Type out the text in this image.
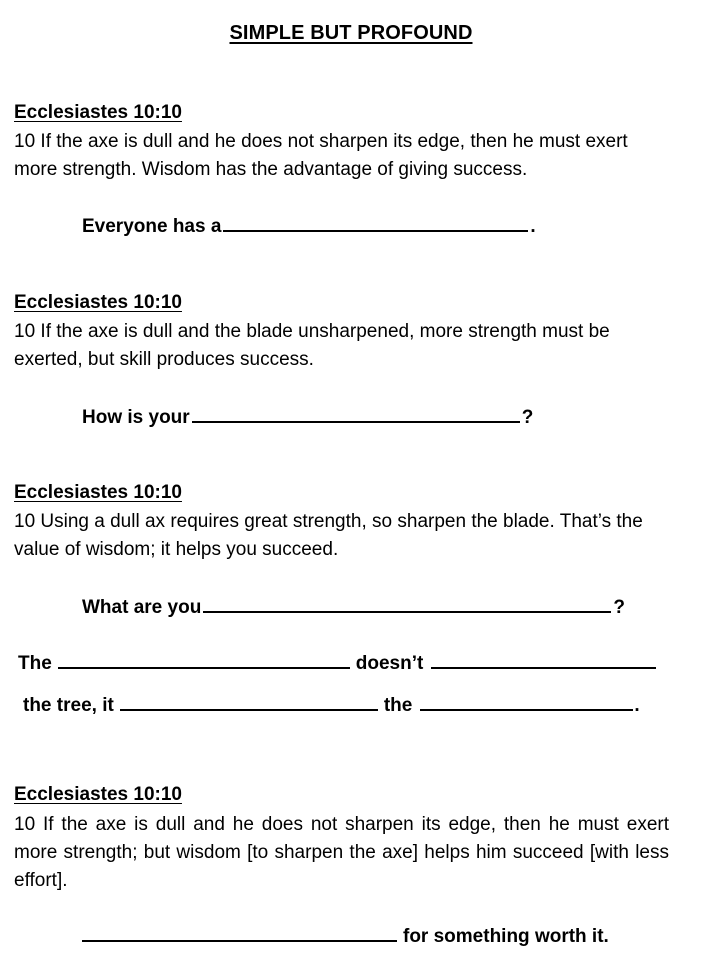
SIMPLE BUT PROFOUND
Ecclesiastes 10:10
10 If the axe is dull and he does not sharpen its edge, then he must exert more strength. Wisdom has the advantage of giving success.
Everyone has a	.
Ecclesiastes 10:10
10 If the axe is dull and the blade unsharpened, more strength must be exerted, but skill produces success.
How is your	?
Ecclesiastes 10:10
10 Using a dull ax requires great strength, so sharpen the blade. That’s the value of wisdom; it helps you succeed.
What are you	?
The	doesn’t
the tree, it	the	.
Ecclesiastes 10:10
10 If the axe is dull and he does not sharpen its edge, then he must exert more strength; but wisdom [to sharpen the axe] helps him succeed [with less effort].
for something worth it.
